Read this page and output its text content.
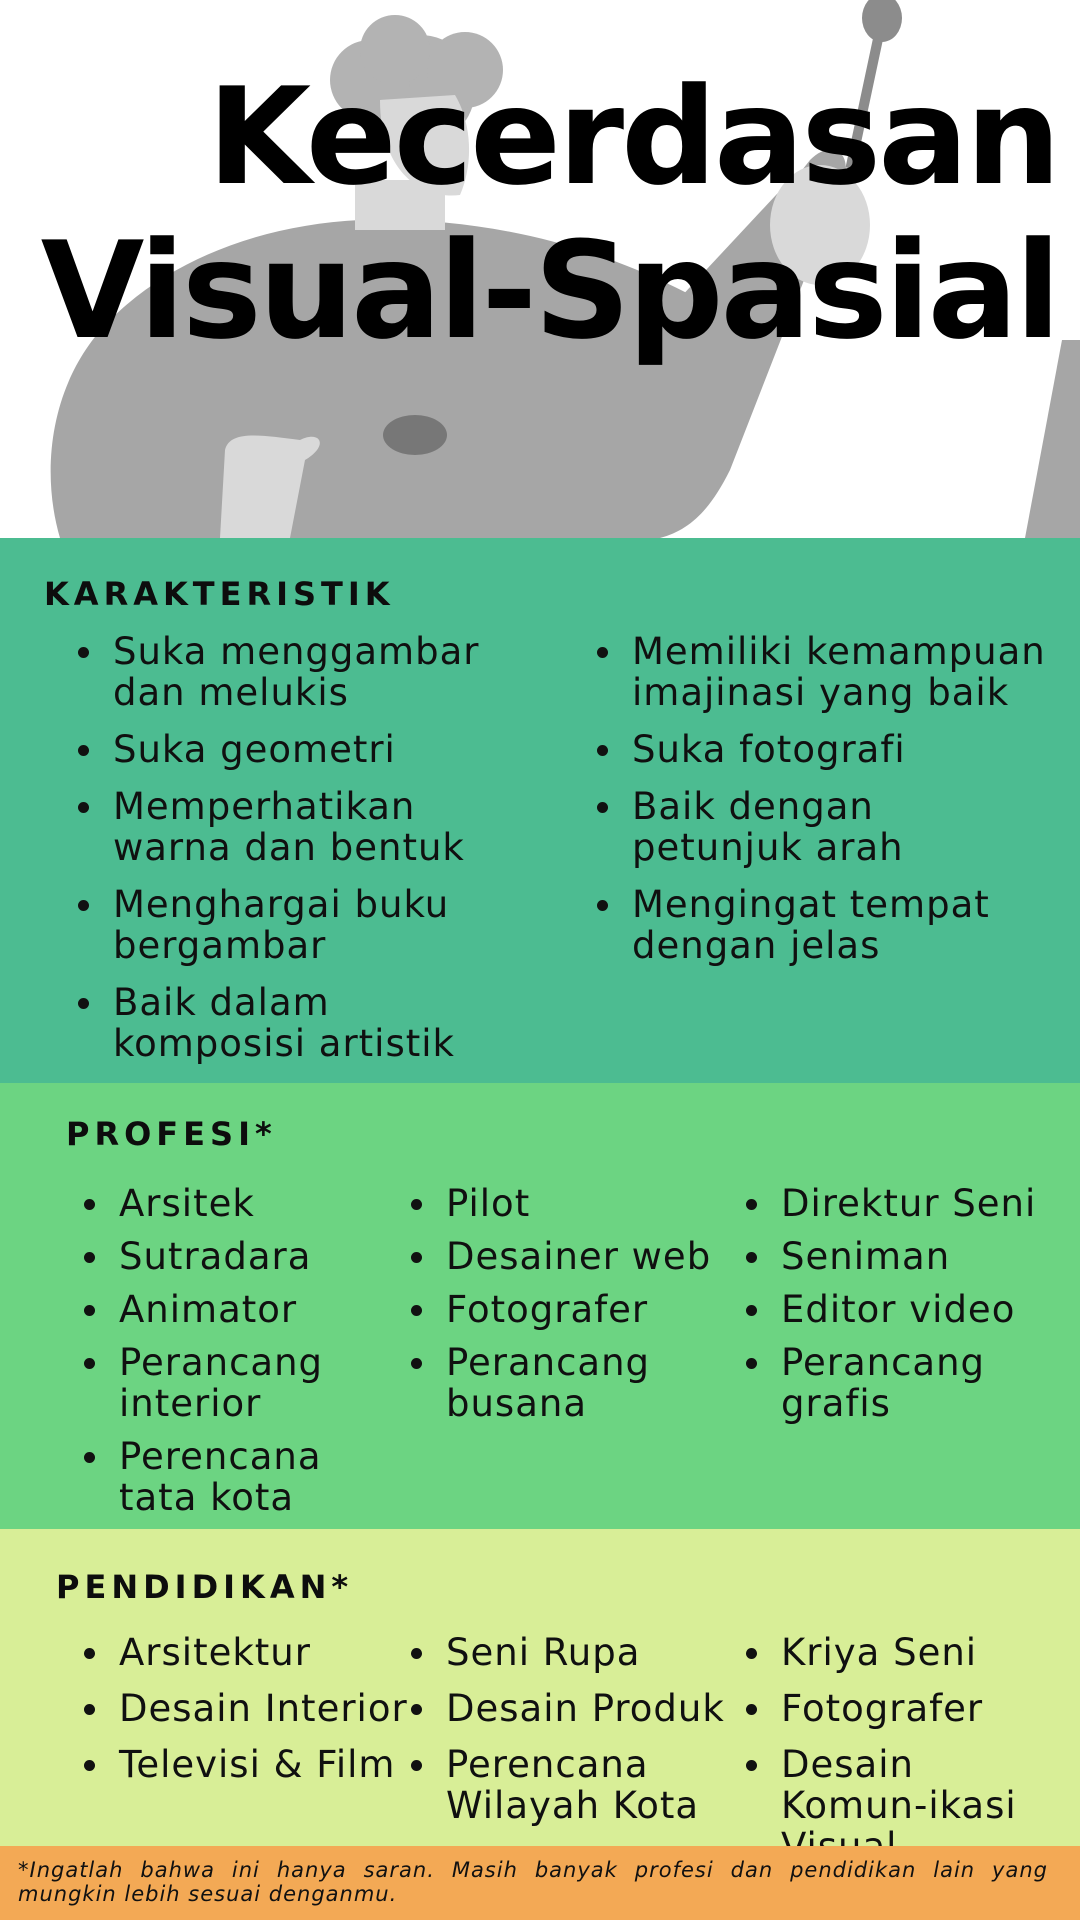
Kecerdasan
Visual-Spasial
KARAKTERISTIK
Suka menggambar dan melukis
Suka geometri
Memperhatikan warna dan bentuk
Menghargai buku bergambar
Baik dalam komposisi artistik
Memiliki kemampuan imajinasi yang baik
Suka fotografi
Baik dengan petunjuk arah
Mengingat tempat dengan jelas
PROFESI*
Arsitek
Sutradara
Animator
Perancang interior
Perencana tata kota
Pilot
Desainer web
Fotografer
Perancang busana
Direktur Seni
Seniman
Editor video
Perancang grafis
PENDIDIKAN*
Arsitektur
Desain Interior
Televisi & Film
Seni Rupa
Desain Produk
Perencana Wilayah Kota
Kriya Seni
Fotografer
Desain Komun-ikasi
*Ingatlah bahwa ini hanya saran. Masih banyak profesi dan pendidikan lain yang mungkin lebih sesuai denganmu.
